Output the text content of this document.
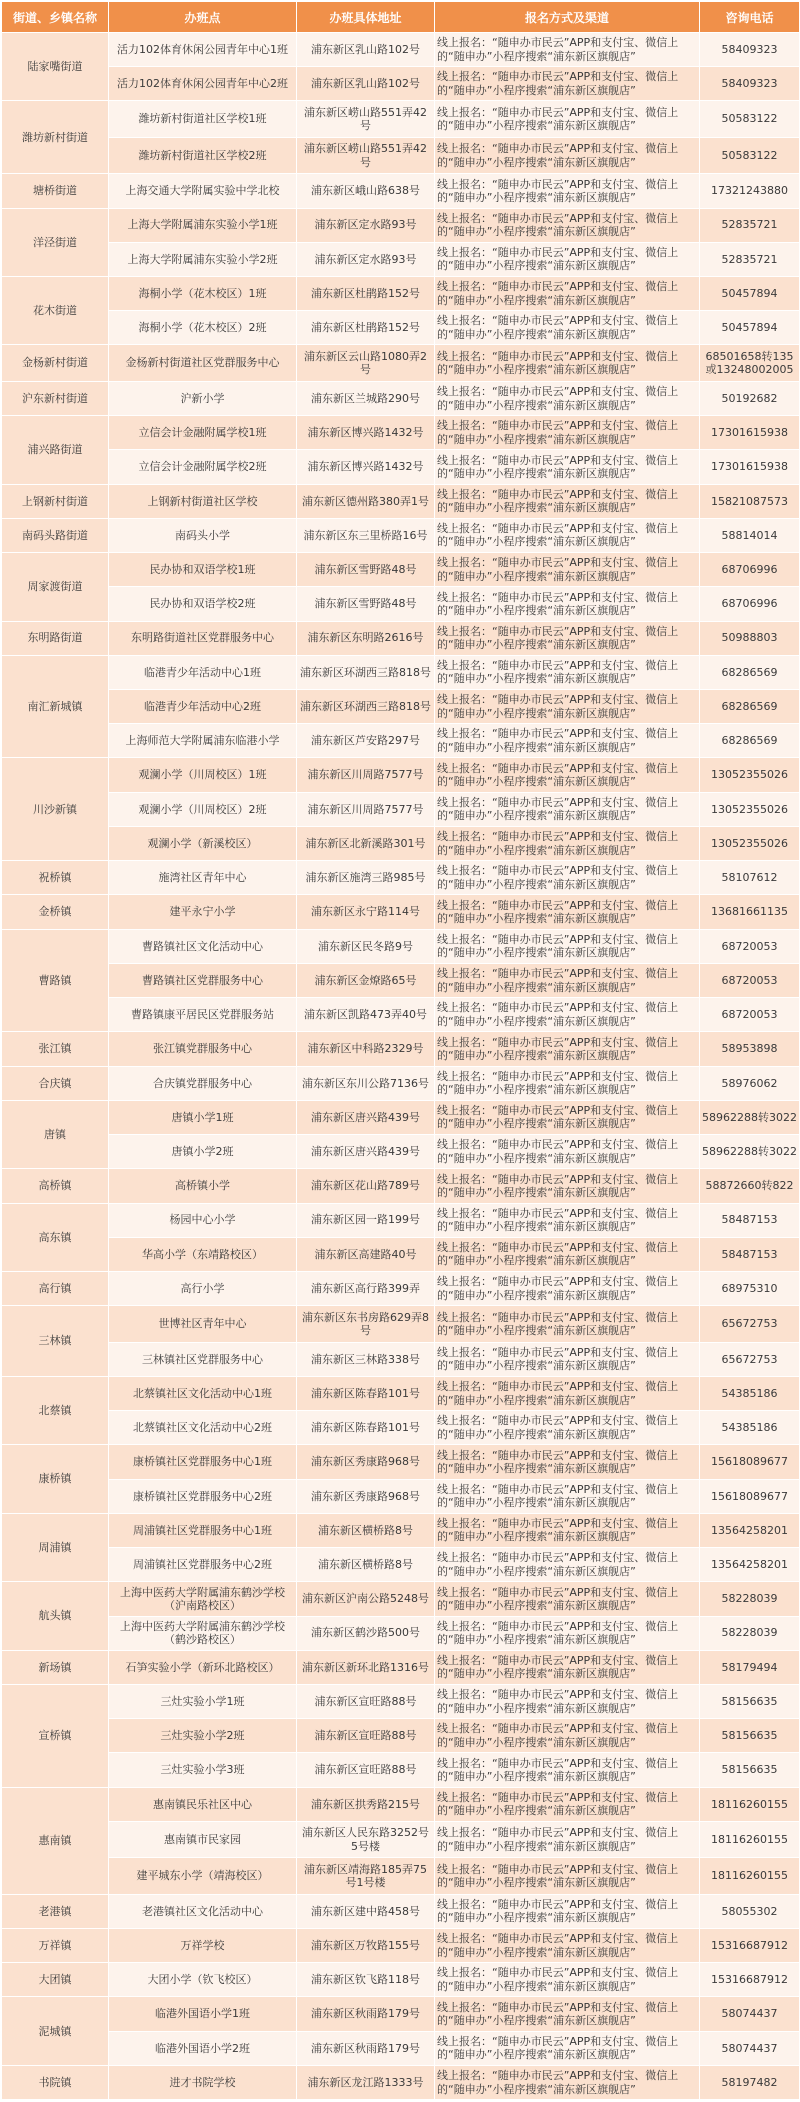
街道、乡镇名称	办班点	办班具体地址	报名方式及渠道	咨询电话
陆家嘴街道	活力102体育休闲公园青年中心1班	浦东新区乳山路102号	线上报名：“随申办市民云”APP和支付宝、微信上的“随申办”小程序搜索“浦东新区旗舰店”	58409323
	活力102体育休闲公园青年中心2班	浦东新区乳山路102号	线上报名：“随申办市民云”APP和支付宝、微信上的“随申办”小程序搜索“浦东新区旗舰店”	58409323
潍坊新村街道	潍坊新村街道社区学校1班	浦东新区崂山路551弄42号	线上报名：“随申办市民云”APP和支付宝、微信上的“随申办”小程序搜索“浦东新区旗舰店”	50583122
	潍坊新村街道社区学校2班	浦东新区崂山路551弄42号	线上报名：“随申办市民云”APP和支付宝、微信上的“随申办”小程序搜索“浦东新区旗舰店”	50583122
塘桥街道	上海交通大学附属实验中学北校	浦东新区峨山路638号	线上报名：“随申办市民云”APP和支付宝、微信上的“随申办”小程序搜索“浦东新区旗舰店”	17321243880
洋泾街道	上海大学附属浦东实验小学1班	浦东新区定水路93号	线上报名：“随申办市民云”APP和支付宝、微信上的“随申办”小程序搜索“浦东新区旗舰店”	52835721
	上海大学附属浦东实验小学2班	浦东新区定水路93号	线上报名：“随申办市民云”APP和支付宝、微信上的“随申办”小程序搜索“浦东新区旗舰店”	52835721
花木街道	海桐小学（花木校区）1班	浦东新区杜鹃路152号	线上报名：“随申办市民云”APP和支付宝、微信上的“随申办”小程序搜索“浦东新区旗舰店”	50457894
	海桐小学（花木校区）2班	浦东新区杜鹃路152号	线上报名：“随申办市民云”APP和支付宝、微信上的“随申办”小程序搜索“浦东新区旗舰店”	50457894
金杨新村街道	金杨新村街道社区党群服务中心	浦东新区云山路1080弄2号	线上报名：“随申办市民云”APP和支付宝、微信上的“随申办”小程序搜索“浦东新区旗舰店”	68501658转135或13248002005
沪东新村街道	沪新小学	浦东新区兰城路290号	线上报名：“随申办市民云”APP和支付宝、微信上的“随申办”小程序搜索“浦东新区旗舰店”	50192682
浦兴路街道	立信会计金融附属学校1班	浦东新区博兴路1432号	线上报名：“随申办市民云”APP和支付宝、微信上的“随申办”小程序搜索“浦东新区旗舰店”	17301615938
	立信会计金融附属学校2班	浦东新区博兴路1432号	线上报名：“随申办市民云”APP和支付宝、微信上的“随申办”小程序搜索“浦东新区旗舰店”	17301615938
上钢新村街道	上钢新村街道社区学校	浦东新区德州路380弄1号	线上报名：“随申办市民云”APP和支付宝、微信上的“随申办”小程序搜索“浦东新区旗舰店”	15821087573
南码头路街道	南码头小学	浦东新区东三里桥路16号	线上报名：“随申办市民云”APP和支付宝、微信上的“随申办”小程序搜索“浦东新区旗舰店”	58814014
周家渡街道	民办协和双语学校1班	浦东新区雪野路48号	线上报名：“随申办市民云”APP和支付宝、微信上的“随申办”小程序搜索“浦东新区旗舰店”	68706996
	民办协和双语学校2班	浦东新区雪野路48号	线上报名：“随申办市民云”APP和支付宝、微信上的“随申办”小程序搜索“浦东新区旗舰店”	68706996
东明路街道	东明路街道社区党群服务中心	浦东新区东明路2616号	线上报名：“随申办市民云”APP和支付宝、微信上的“随申办”小程序搜索“浦东新区旗舰店”	50988803
南汇新城镇	临港青少年活动中心1班	浦东新区环湖西三路818号	线上报名：“随申办市民云”APP和支付宝、微信上的“随申办”小程序搜索“浦东新区旗舰店”	68286569
	临港青少年活动中心2班	浦东新区环湖西三路818号	线上报名：“随申办市民云”APP和支付宝、微信上的“随申办”小程序搜索“浦东新区旗舰店”	68286569
	上海师范大学附属浦东临港小学	浦东新区芦安路297号	线上报名：“随申办市民云”APP和支付宝、微信上的“随申办”小程序搜索“浦东新区旗舰店”	68286569
川沙新镇	观澜小学（川周校区）1班	浦东新区川周路7577号	线上报名：“随申办市民云”APP和支付宝、微信上的“随申办”小程序搜索“浦东新区旗舰店”	13052355026
	观澜小学（川周校区）2班	浦东新区川周路7577号	线上报名：“随申办市民云”APP和支付宝、微信上的“随申办”小程序搜索“浦东新区旗舰店”	13052355026
	观澜小学（新溪校区）	浦东新区北新溪路301号	线上报名：“随申办市民云”APP和支付宝、微信上的“随申办”小程序搜索“浦东新区旗舰店”	13052355026
祝桥镇	施湾社区青年中心	浦东新区施湾三路985号	线上报名：“随申办市民云”APP和支付宝、微信上的“随申办”小程序搜索“浦东新区旗舰店”	58107612
金桥镇	建平永宁小学	浦东新区永宁路114号	线上报名：“随申办市民云”APP和支付宝、微信上的“随申办”小程序搜索“浦东新区旗舰店”	13681661135
曹路镇	曹路镇社区文化活动中心	浦东新区民冬路9号	线上报名：“随申办市民云”APP和支付宝、微信上的“随申办”小程序搜索“浦东新区旗舰店”	68720053
	曹路镇社区党群服务中心	浦东新区金燎路65号	线上报名：“随申办市民云”APP和支付宝、微信上的“随申办”小程序搜索“浦东新区旗舰店”	68720053
	曹路镇康平居民区党群服务站	浦东新区凯路473弄40号	线上报名：“随申办市民云”APP和支付宝、微信上的“随申办”小程序搜索“浦东新区旗舰店”	68720053
张江镇	张江镇党群服务中心	浦东新区中科路2329号	线上报名：“随申办市民云”APP和支付宝、微信上的“随申办”小程序搜索“浦东新区旗舰店”	58953898
合庆镇	合庆镇党群服务中心	浦东新区东川公路7136号	线上报名：“随申办市民云”APP和支付宝、微信上的“随申办”小程序搜索“浦东新区旗舰店”	58976062
唐镇	唐镇小学1班	浦东新区唐兴路439号	线上报名：“随申办市民云”APP和支付宝、微信上的“随申办”小程序搜索“浦东新区旗舰店”	58962288转3022
	唐镇小学2班	浦东新区唐兴路439号	线上报名：“随申办市民云”APP和支付宝、微信上的“随申办”小程序搜索“浦东新区旗舰店”	58962288转3022
高桥镇	高桥镇小学	浦东新区花山路789号	线上报名：“随申办市民云”APP和支付宝、微信上的“随申办”小程序搜索“浦东新区旗舰店”	58872660转822
高东镇	杨园中心小学	浦东新区园一路199号	线上报名：“随申办市民云”APP和支付宝、微信上的“随申办”小程序搜索“浦东新区旗舰店”	58487153
	华高小学（东靖路校区）	浦东新区高建路40号	线上报名：“随申办市民云”APP和支付宝、微信上的“随申办”小程序搜索“浦东新区旗舰店”	58487153
高行镇	高行小学	浦东新区高行路399弄	线上报名：“随申办市民云”APP和支付宝、微信上的“随申办”小程序搜索“浦东新区旗舰店”	68975310
三林镇	世博社区青年中心	浦东新区东书房路629弄8号	线上报名：“随申办市民云”APP和支付宝、微信上的“随申办”小程序搜索“浦东新区旗舰店”	65672753
	三林镇社区党群服务中心	浦东新区三林路338号	线上报名：“随申办市民云”APP和支付宝、微信上的“随申办”小程序搜索“浦东新区旗舰店”	65672753
北蔡镇	北蔡镇社区文化活动中心1班	浦东新区陈春路101号	线上报名：“随申办市民云”APP和支付宝、微信上的“随申办”小程序搜索“浦东新区旗舰店”	54385186
	北蔡镇社区文化活动中心2班	浦东新区陈春路101号	线上报名：“随申办市民云”APP和支付宝、微信上的“随申办”小程序搜索“浦东新区旗舰店”	54385186
康桥镇	康桥镇社区党群服务中心1班	浦东新区秀康路968号	线上报名：“随申办市民云”APP和支付宝、微信上的“随申办”小程序搜索“浦东新区旗舰店”	15618089677
	康桥镇社区党群服务中心2班	浦东新区秀康路968号	线上报名：“随申办市民云”APP和支付宝、微信上的“随申办”小程序搜索“浦东新区旗舰店”	15618089677
周浦镇	周浦镇社区党群服务中心1班	浦东新区横桥路8号	线上报名：“随申办市民云”APP和支付宝、微信上的“随申办”小程序搜索“浦东新区旗舰店”	13564258201
	周浦镇社区党群服务中心2班	浦东新区横桥路8号	线上报名：“随申办市民云”APP和支付宝、微信上的“随申办”小程序搜索“浦东新区旗舰店”	13564258201
航头镇	上海中医药大学附属浦东鹤沙学校（沪南路校区）	浦东新区沪南公路5248号	线上报名：“随申办市民云”APP和支付宝、微信上的“随申办”小程序搜索“浦东新区旗舰店”	58228039
	上海中医药大学附属浦东鹤沙学校（鹤沙路校区）	浦东新区鹤沙路500号	线上报名：“随申办市民云”APP和支付宝、微信上的“随申办”小程序搜索“浦东新区旗舰店”	58228039
新场镇	石笋实验小学（新环北路校区）	浦东新区新环北路1316号	线上报名：“随申办市民云”APP和支付宝、微信上的“随申办”小程序搜索“浦东新区旗舰店”	58179494
宣桥镇	三灶实验小学1班	浦东新区宣旺路88号	线上报名：“随申办市民云”APP和支付宝、微信上的“随申办”小程序搜索“浦东新区旗舰店”	58156635
	三灶实验小学2班	浦东新区宣旺路88号	线上报名：“随申办市民云”APP和支付宝、微信上的“随申办”小程序搜索“浦东新区旗舰店”	58156635
	三灶实验小学3班	浦东新区宣旺路88号	线上报名：“随申办市民云”APP和支付宝、微信上的“随申办”小程序搜索“浦东新区旗舰店”	58156635
惠南镇	惠南镇民乐社区中心	浦东新区拱秀路215号	线上报名：“随申办市民云”APP和支付宝、微信上的“随申办”小程序搜索“浦东新区旗舰店”	18116260155
	惠南镇市民家园	浦东新区人民东路3252号5号楼	线上报名：“随申办市民云”APP和支付宝、微信上的“随申办”小程序搜索“浦东新区旗舰店”	18116260155
	建平城东小学（靖海校区）	浦东新区靖海路185弄75号1号楼	线上报名：“随申办市民云”APP和支付宝、微信上的“随申办”小程序搜索“浦东新区旗舰店”	18116260155
老港镇	老港镇社区文化活动中心	浦东新区建中路458号	线上报名：“随申办市民云”APP和支付宝、微信上的“随申办”小程序搜索“浦东新区旗舰店”	58055302
万祥镇	万祥学校	浦东新区万牧路155号	线上报名：“随申办市民云”APP和支付宝、微信上的“随申办”小程序搜索“浦东新区旗舰店”	15316687912
大团镇	大团小学（钦飞校区）	浦东新区钦飞路118号	线上报名：“随申办市民云”APP和支付宝、微信上的“随申办”小程序搜索“浦东新区旗舰店”	15316687912
泥城镇	临港外国语小学1班	浦东新区秋雨路179号	线上报名：“随申办市民云”APP和支付宝、微信上的“随申办”小程序搜索“浦东新区旗舰店”	58074437
	临港外国语小学2班	浦东新区秋雨路179号	线上报名：“随申办市民云”APP和支付宝、微信上的“随申办”小程序搜索“浦东新区旗舰店”	58074437
书院镇	进才书院学校	浦东新区龙江路1333号	线上报名：“随申办市民云”APP和支付宝、微信上的“随申办”小程序搜索“浦东新区旗舰店”	58197482
